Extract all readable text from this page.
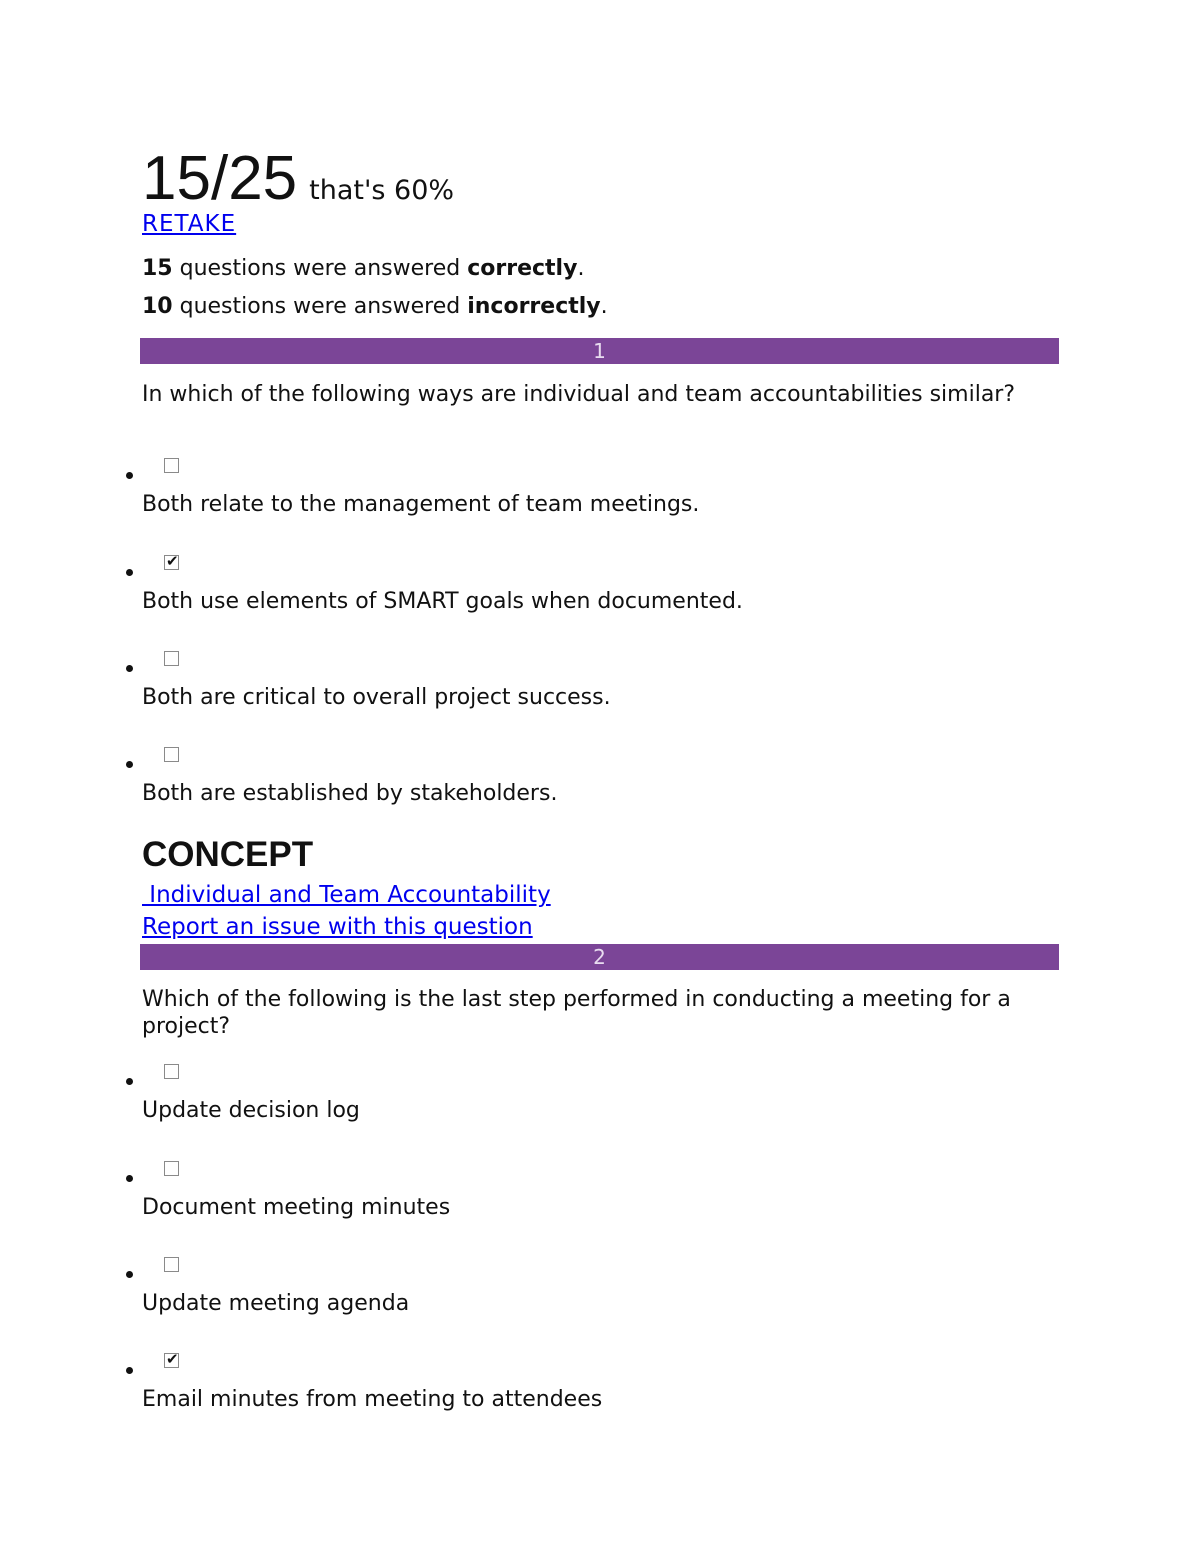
15/25 that's 60%
RETAKE
15 questions were answered correctly.
10 questions were answered incorrectly.
1
In which of the following ways are individual and team accountabilities similar?
Both relate to the management of team meetings.
✔
Both use elements of SMART goals when documented.
Both are critical to overall project success.
Both are established by stakeholders.
CONCEPT
Individual and Team Accountability
Report an issue with this question
2
Which of the following is the last step performed in conducting a meeting for a project?
Update decision log
Document meeting minutes
Update meeting agenda
✔
Email minutes from meeting to attendees
